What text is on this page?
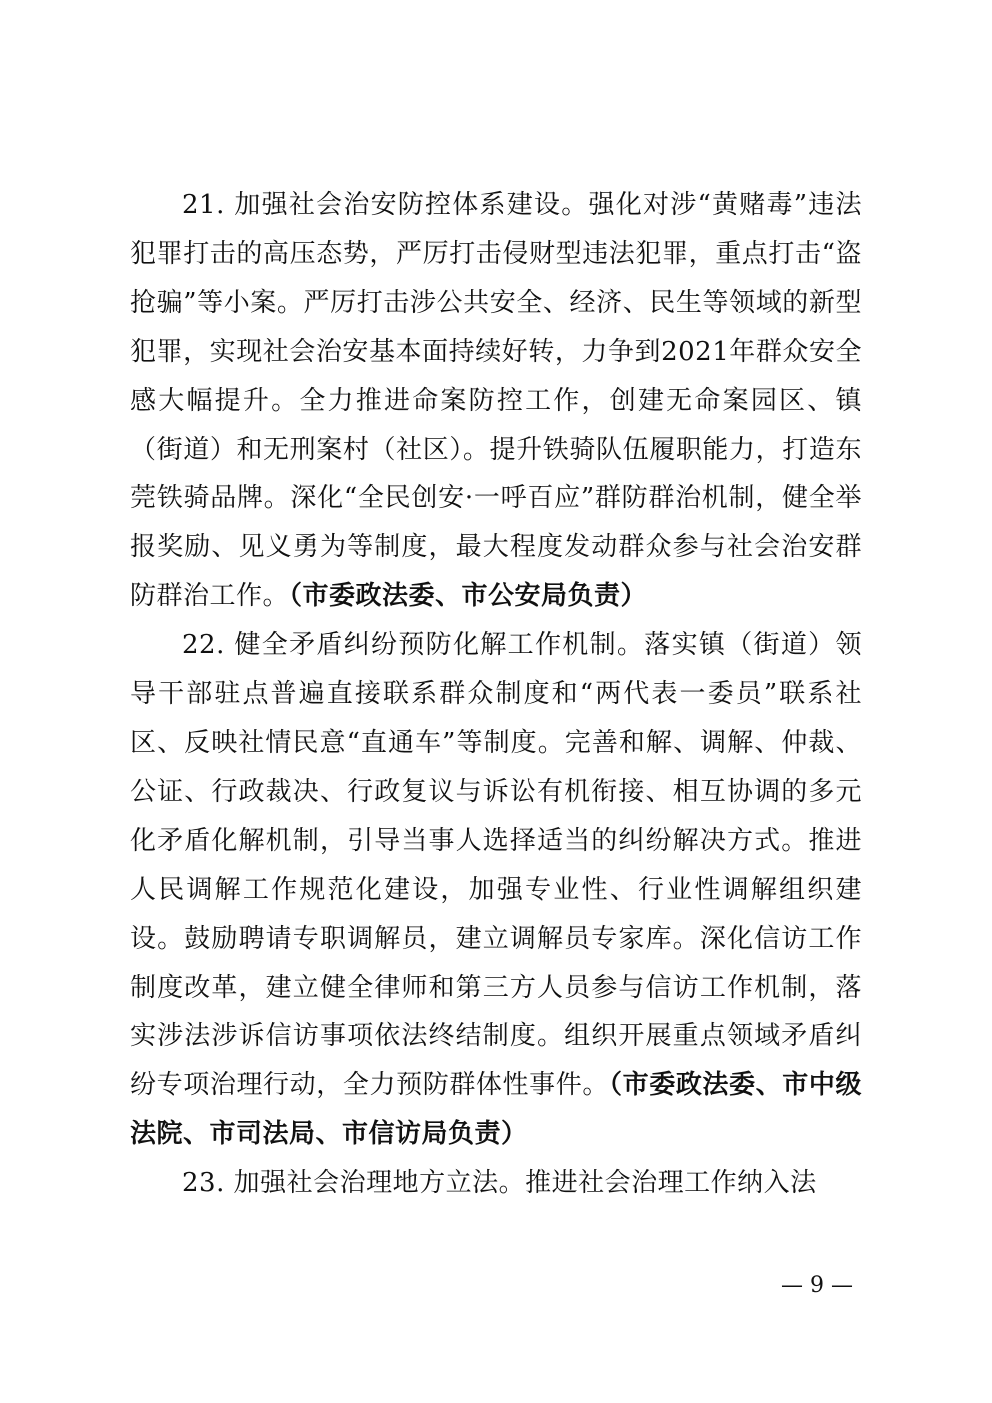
21. 加强社会治安防控体系建设。强化对涉“黄赌毒”违法犯罪打击的高压态势，严厉打击侵财型违法犯罪，重点打击“盗抢骗”等小案。严厉打击涉公共安全、经济、民生等领域的新型犯罪，实现社会治安基本面持续好转，力争到2021年群众安全感大幅提升。全力推进命案防控工作，创建无命案园区、镇（街道）和无刑案村（社区）。提升铁骑队伍履职能力，打造东莞铁骑品牌。深化“全民创安·一呼百应”群防群治机制，健全举报奖励、见义勇为等制度，最大程度发动群众参与社会治安群防群治工作。（市委政法委、市公安局负责）

22. 健全矛盾纠纷预防化解工作机制。落实镇（街道）领导干部驻点普遍直接联系群众制度和“两代表一委员”联系社区、反映社情民意“直通车”等制度。完善和解、调解、仲裁、公证、行政裁决、行政复议与诉讼有机衔接、相互协调的多元化矛盾化解机制，引导当事人选择适当的纠纷解决方式。推进人民调解工作规范化建设，加强专业性、行业性调解组织建设。鼓励聘请专职调解员，建立调解员专家库。深化信访工作制度改革，建立健全律师和第三方人员参与信访工作机制，落实涉法涉诉信访事项依法终结制度。组织开展重点领域矛盾纠纷专项治理行动，全力预防群体性事件。（市委政法委、市中级法院、市司法局、市信访局负责）

23. 加强社会治理地方立法。推进社会治理工作纳入法

— 9 —
